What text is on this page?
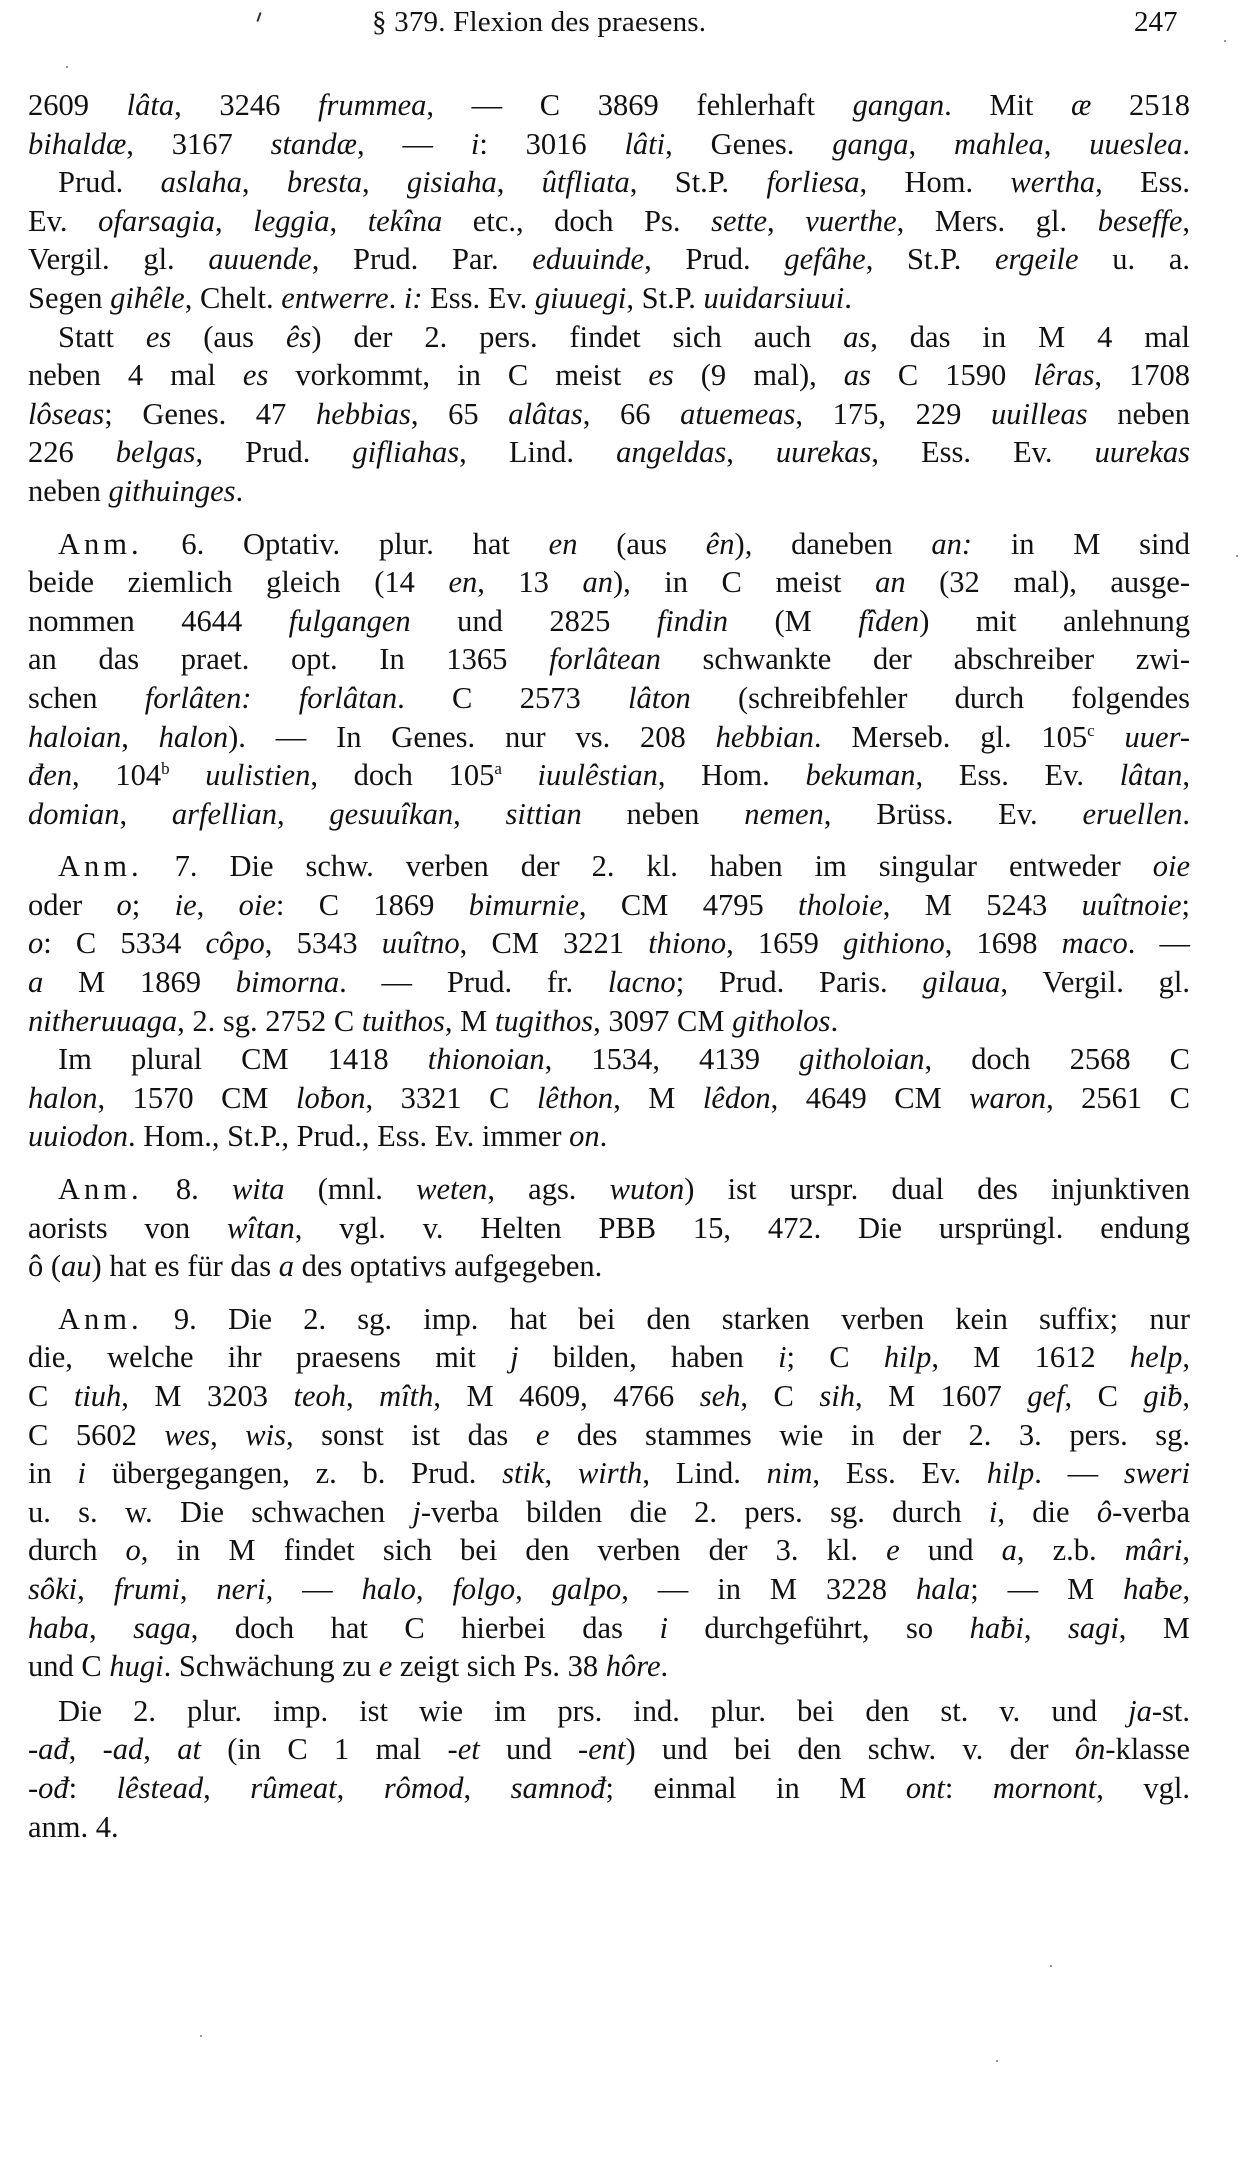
§ 379. Flexion des praesens.	247
2609 lâta, 3246 frummea, — C 3869 fehlerhaft gangan. Mit æ 2518
bihaldæ, 3167 standæ, — i: 3016 lâti, Genes. ganga, mahlea, uueslea.
Prud. aslaha, bresta, gisiaha, ûtfliata, St.P. forliesa, Hom. wertha, Ess.
Ev. ofarsagia, leggia, tekîna etc., doch Ps. sette, vuerthe, Mers. gl. beseffe,
Vergil. gl. auuende, Prud. Par. eduuinde, Prud. gefâhe, St.P. ergeile u. a.
Segen gihêle, Chelt. entwerre. i: Ess. Ev. giuuegi, St.P. uuidarsiuui.
Statt es (aus ês) der 2. pers. findet sich auch as, das in M 4 mal
neben 4 mal es vorkommt, in C meist es (9 mal), as C 1590 lêras, 1708
lôseas; Genes. 47 hebbias, 65 alâtas, 66 atuemeas, 175, 229 uuilleas neben
226 belgas, Prud. gifliahas, Lind. angeldas, uurekas, Ess. Ev. uurekas
neben githuinges.
Anm. 6. Optativ. plur. hat en (aus ên), daneben an: in M sind
beide ziemlich gleich (14 en, 13 an), in C meist an (32 mal), ausge-
nommen 4644 fulgangen und 2825 findin (M fîden) mit anlehnung
an das praet. opt. In 1365 forlâtean schwankte der abschreiber zwi-
schen forlâten: forlâtan. C 2573 lâton (schreibfehler durch folgendes
haloian, halon). — In Genes. nur vs. 208 hebbian. Merseb. gl. 105$^c$ uuer-
đen, 104$^b$ uulistien, doch 105$^a$ iuulêstian, Hom. bekuman, Ess. Ev. lâtan,
domian, arfellian, gesuuîkan, sittian neben nemen, Brüss. Ev. eruellen.
Anm. 7. Die schw. verben der 2. kl. haben im singular entweder oie
oder o; ie, oie: C 1869 bimurnie, CM 4795 tholoie, M 5243 uuîtnoie;
o: C 5334 côpo, 5343 uuîtno, CM 3221 thiono, 1659 githiono, 1698 maco. —
a M 1869 bimorna. — Prud. fr. lacno; Prud. Paris. gilaua, Vergil. gl.
nitheruuaga, 2. sg. 2752 C tuithos, M tugithos, 3097 CM githolos.
Im plural CM 1418 thionoian, 1534, 4139 githoloian, doch 2568 C
halon, 1570 CM loƀon, 3321 C lêthon, M lêdon, 4649 CM waron, 2561 C
uuiodon. Hom., St.P., Prud., Ess. Ev. immer on.
Anm. 8. wita (mnl. weten, ags. wuton) ist urspr. dual des injunktiven
aorists von wîtan, vgl. v. Helten PBB 15, 472. Die ursprüngl. endung
ô (au) hat es für das a des optativs aufgegeben.
Anm. 9. Die 2. sg. imp. hat bei den starken verben kein suffix; nur
die, welche ihr praesens mit j bilden, haben i; C hilp, M 1612 help,
C tiuh, M 3203 teoh, mîth, M 4609, 4766 seh, C sih, M 1607 gef, C giƀ,
C 5602 wes, wis, sonst ist das e des stammes wie in der 2. 3. pers. sg.
in i übergegangen, z. b. Prud. stik, wirth, Lind. nim, Ess. Ev. hilp. — sweri
u. s. w. Die schwachen j-verba bilden die 2. pers. sg. durch i, die ô-verba
durch o, in M findet sich bei den verben der 3. kl. e und a, z.b. mâri,
sôki, frumi, neri, — halo, folgo, galpo, — in M 3228 hala; — M haƀe,
haba, saga, doch hat C hierbei das i durchgeführt, so haƀi, sagi, M
und C hugi. Schwächung zu e zeigt sich Ps. 38 hôre.
Die 2. plur. imp. ist wie im prs. ind. plur. bei den st. v. und ja-st.
-ađ, -ad, at (in C 1 mal -et und -ent) und bei den schw. v. der ôn-klasse
-ođ: lêstead, rûmeat, rômod, samnođ; einmal in M ont: mornont, vgl.
anm. 4.
